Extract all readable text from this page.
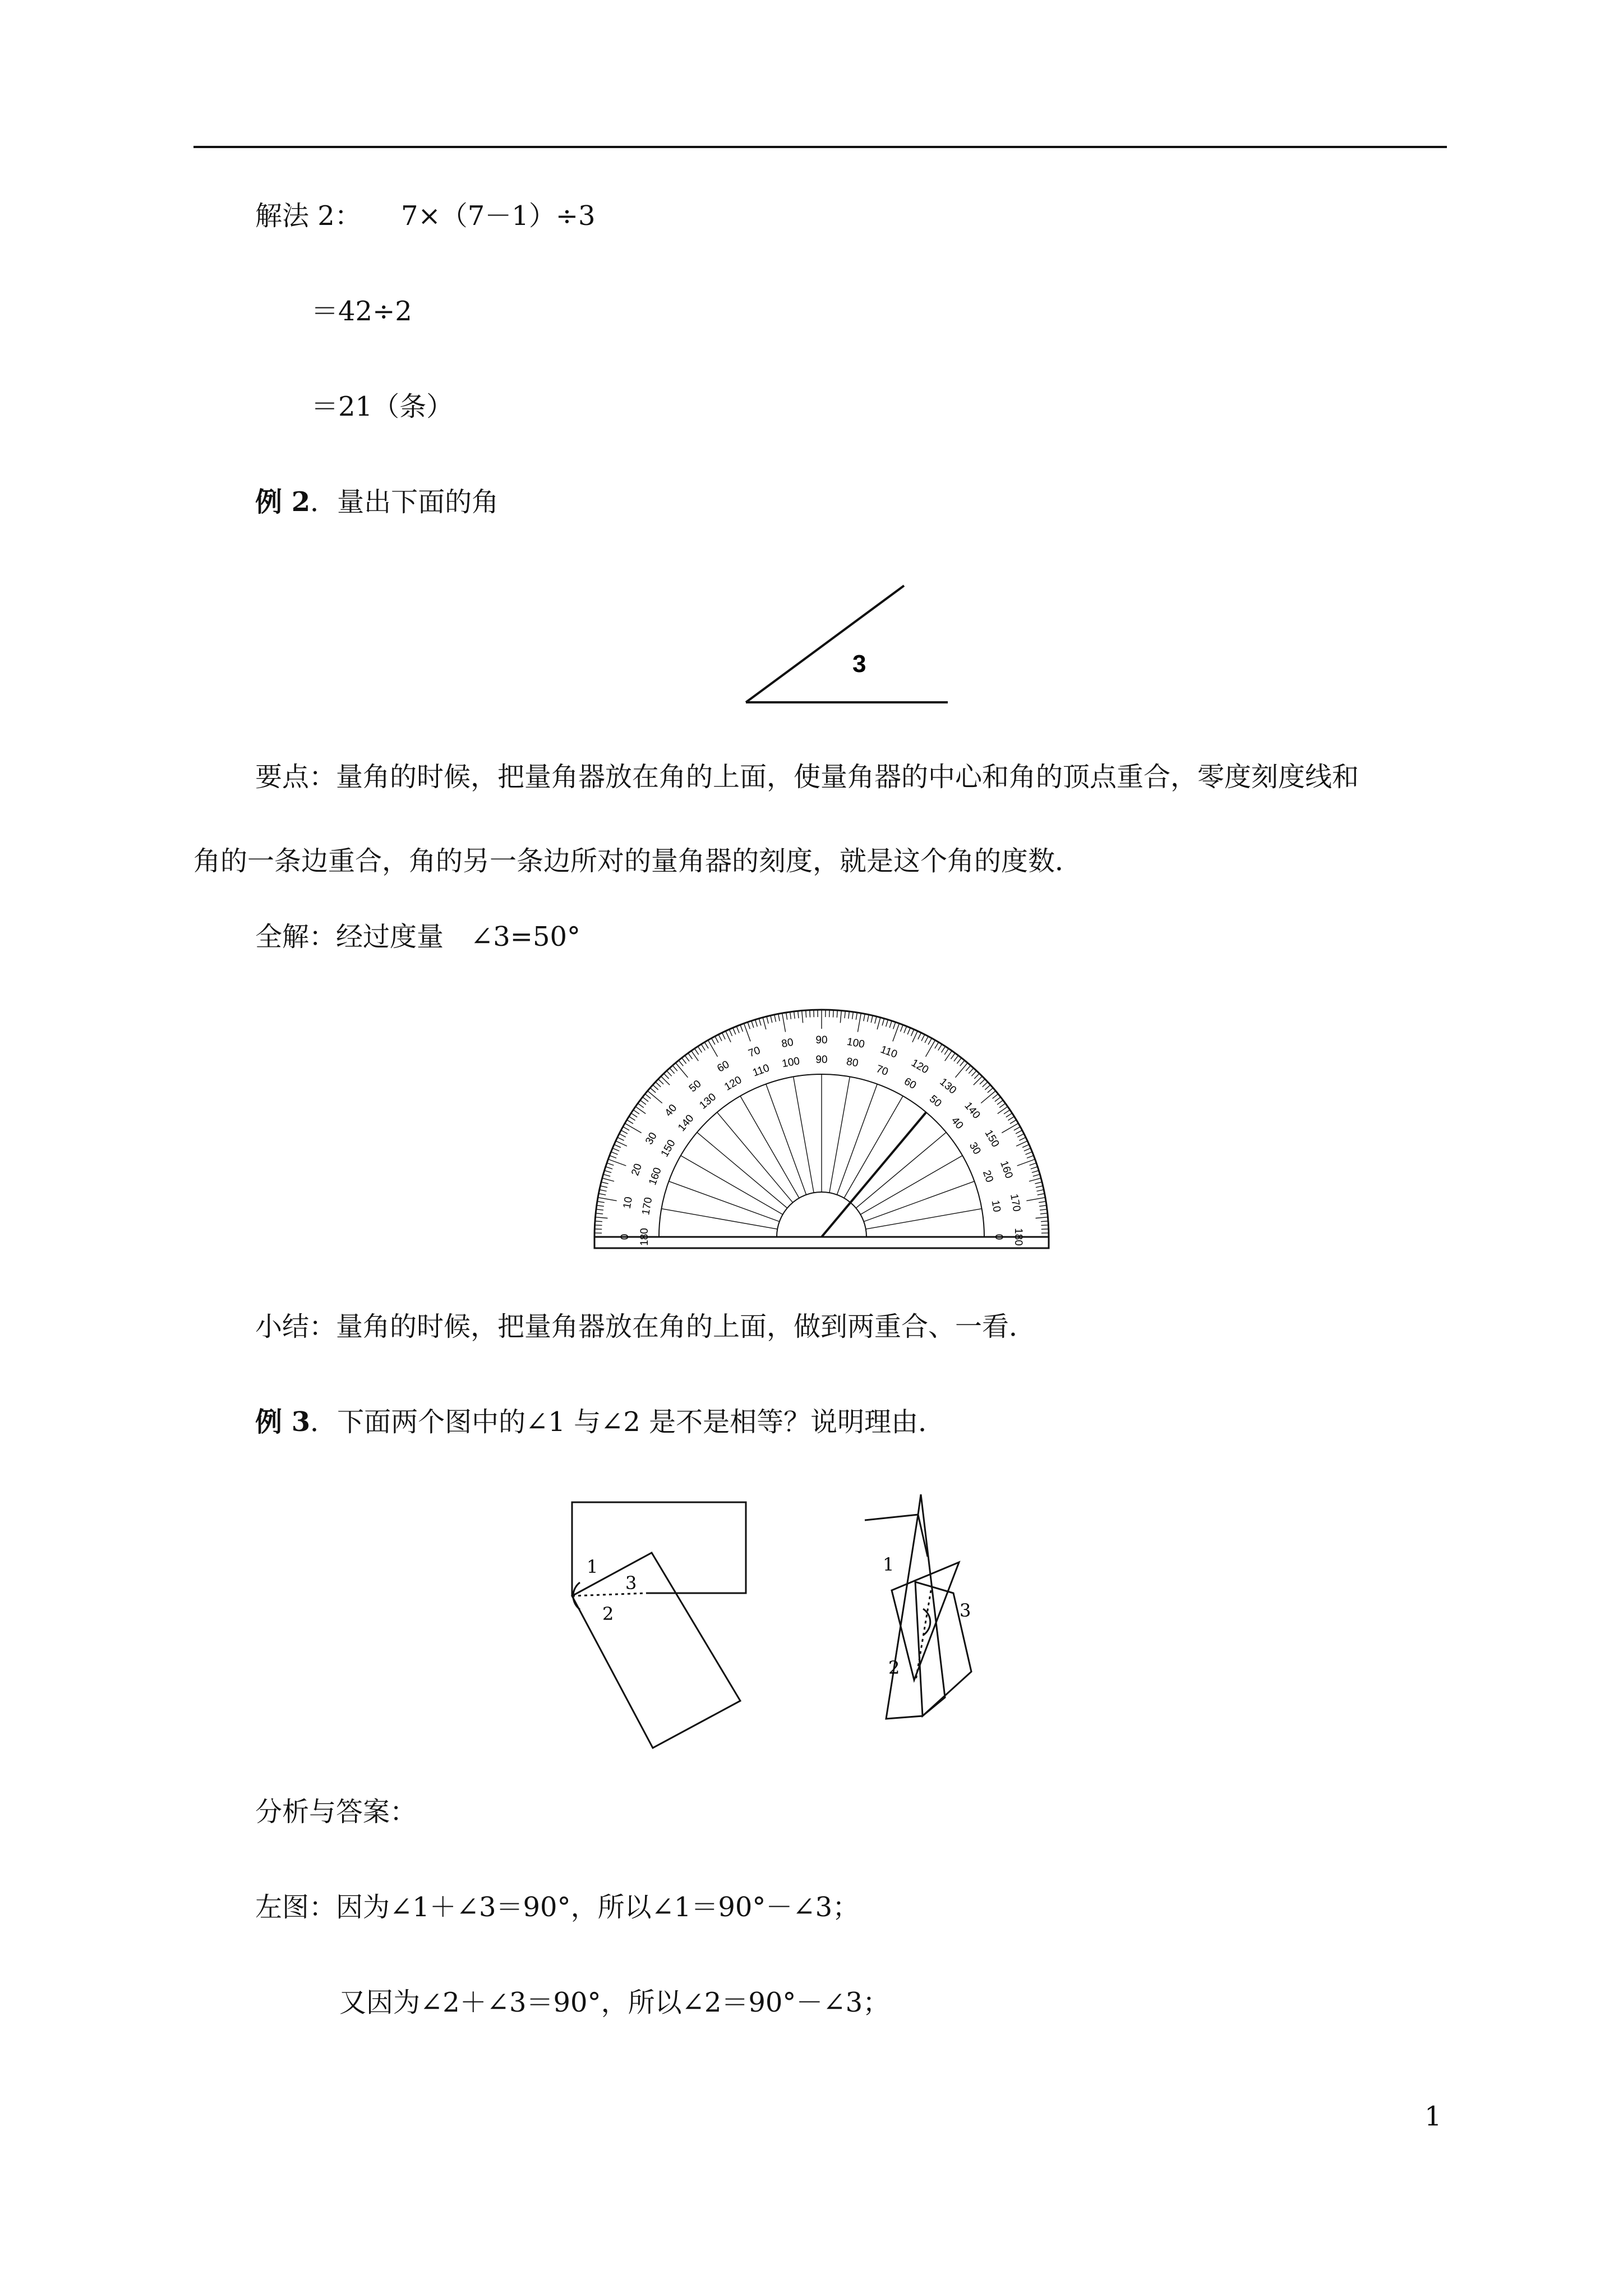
解法 2： 7×（7－1）÷3
＝42÷2
＝21（条）
例 2．量出下面的角
3
要点：量角的时候，把量角器放在角的上面，使量角器的中心和角的顶点重合，零度刻度线和
角的一条边重合，角的另一条边所对的量角器的刻度，就是这个角的度数．
全解：经过度量　∠3=50°
0
10
20
30
40
50
60
70
80 90 100
110
120
130
140
150
160
170
180
180
170
160
150
140
130
120
110 100 90 80
70
60
50
40
30
20
10
0
小结：量角的时候，把量角器放在角的上面，做到两重合、一看．
例 3．下面两个图中的∠1 与∠2 是不是相等？说明理由．
1
3
2
1
3
2
分析与答案：
左图：因为∠1＋∠3＝90°，所以∠1＝90°－∠3；
又因为∠2＋∠3＝90°，所以∠2＝90°－∠3；
1
